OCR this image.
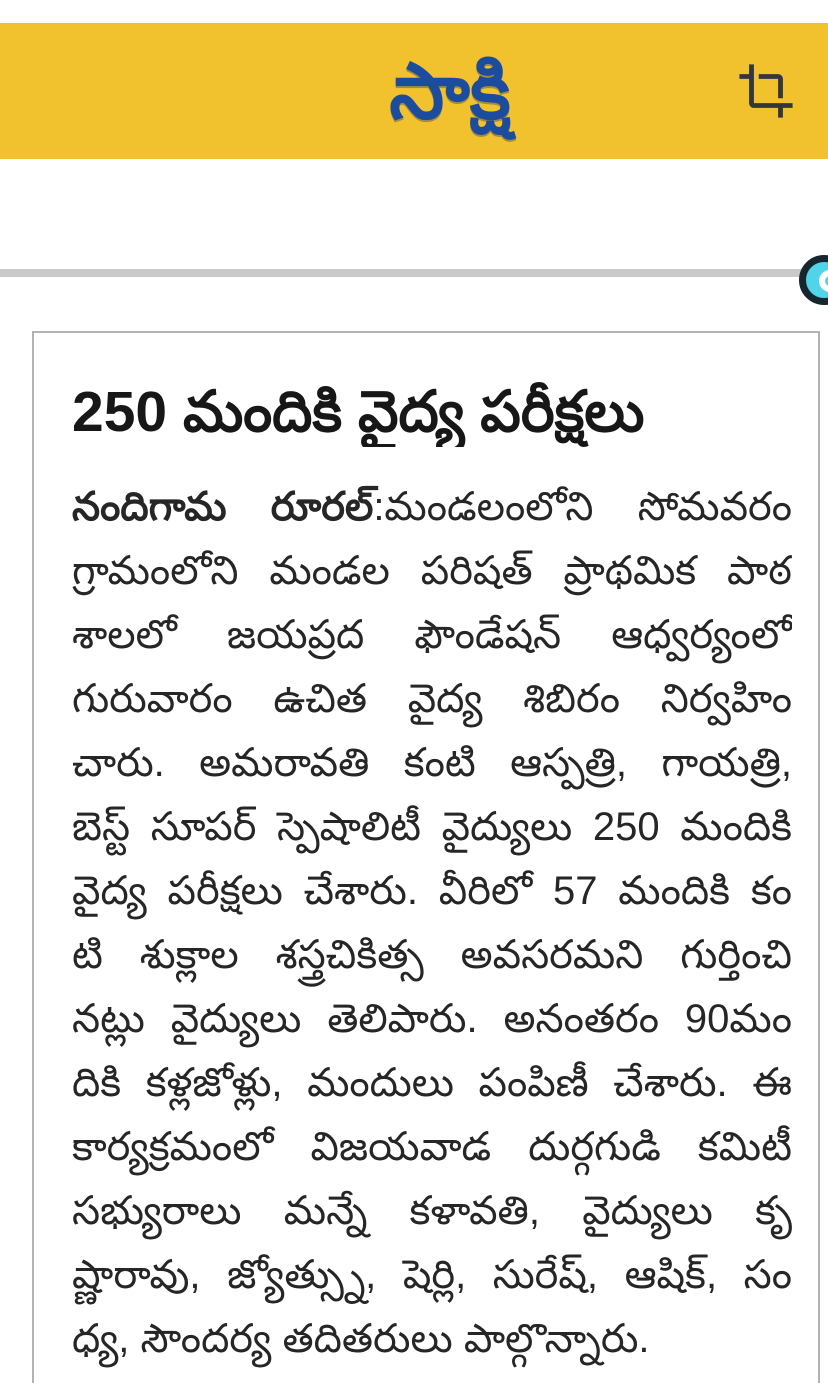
సాక్షి
250 మందికి వైద్య పరీక్షలు
నందిగామ రూరల్:మండలంలోని సోమవరం
గ్రామంలోని మండల పరిషత్ ప్రాథమిక పాఠ
శాలలో జయప్రద ఫౌండేషన్ ఆధ్వర్యంలో
గురువారం ఉచిత వైద్య శిబిరం నిర్వహిం
చారు. అమరావతి కంటి ఆస్పత్రి, గాయత్రి,
బెస్ట్ సూపర్ స్పెషాలిటీ వైద్యులు 250 మందికి
వైద్య పరీక్షలు చేశారు. వీరిలో 57 మందికి కం
టి శుక్లాల శస్త్రచికిత్స అవసరమని గుర్తించి
నట్లు వైద్యులు తెలిపారు. అనంతరం 90మం
దికి కళ్లజోళ్లు, మందులు పంపిణీ చేశారు. ఈ
కార్యక్రమంలో విజయవాడ దుర్గగుడి కమిటీ
సభ్యురాలు మన్నే కళావతి, వైద్యులు కృ
ష్ణారావు, జ్యోత్స్ను, షెర్లి, సురేష్, ఆషిక్, సం
ధ్య, సౌందర్య తదితరులు పాల్గొన్నారు.
